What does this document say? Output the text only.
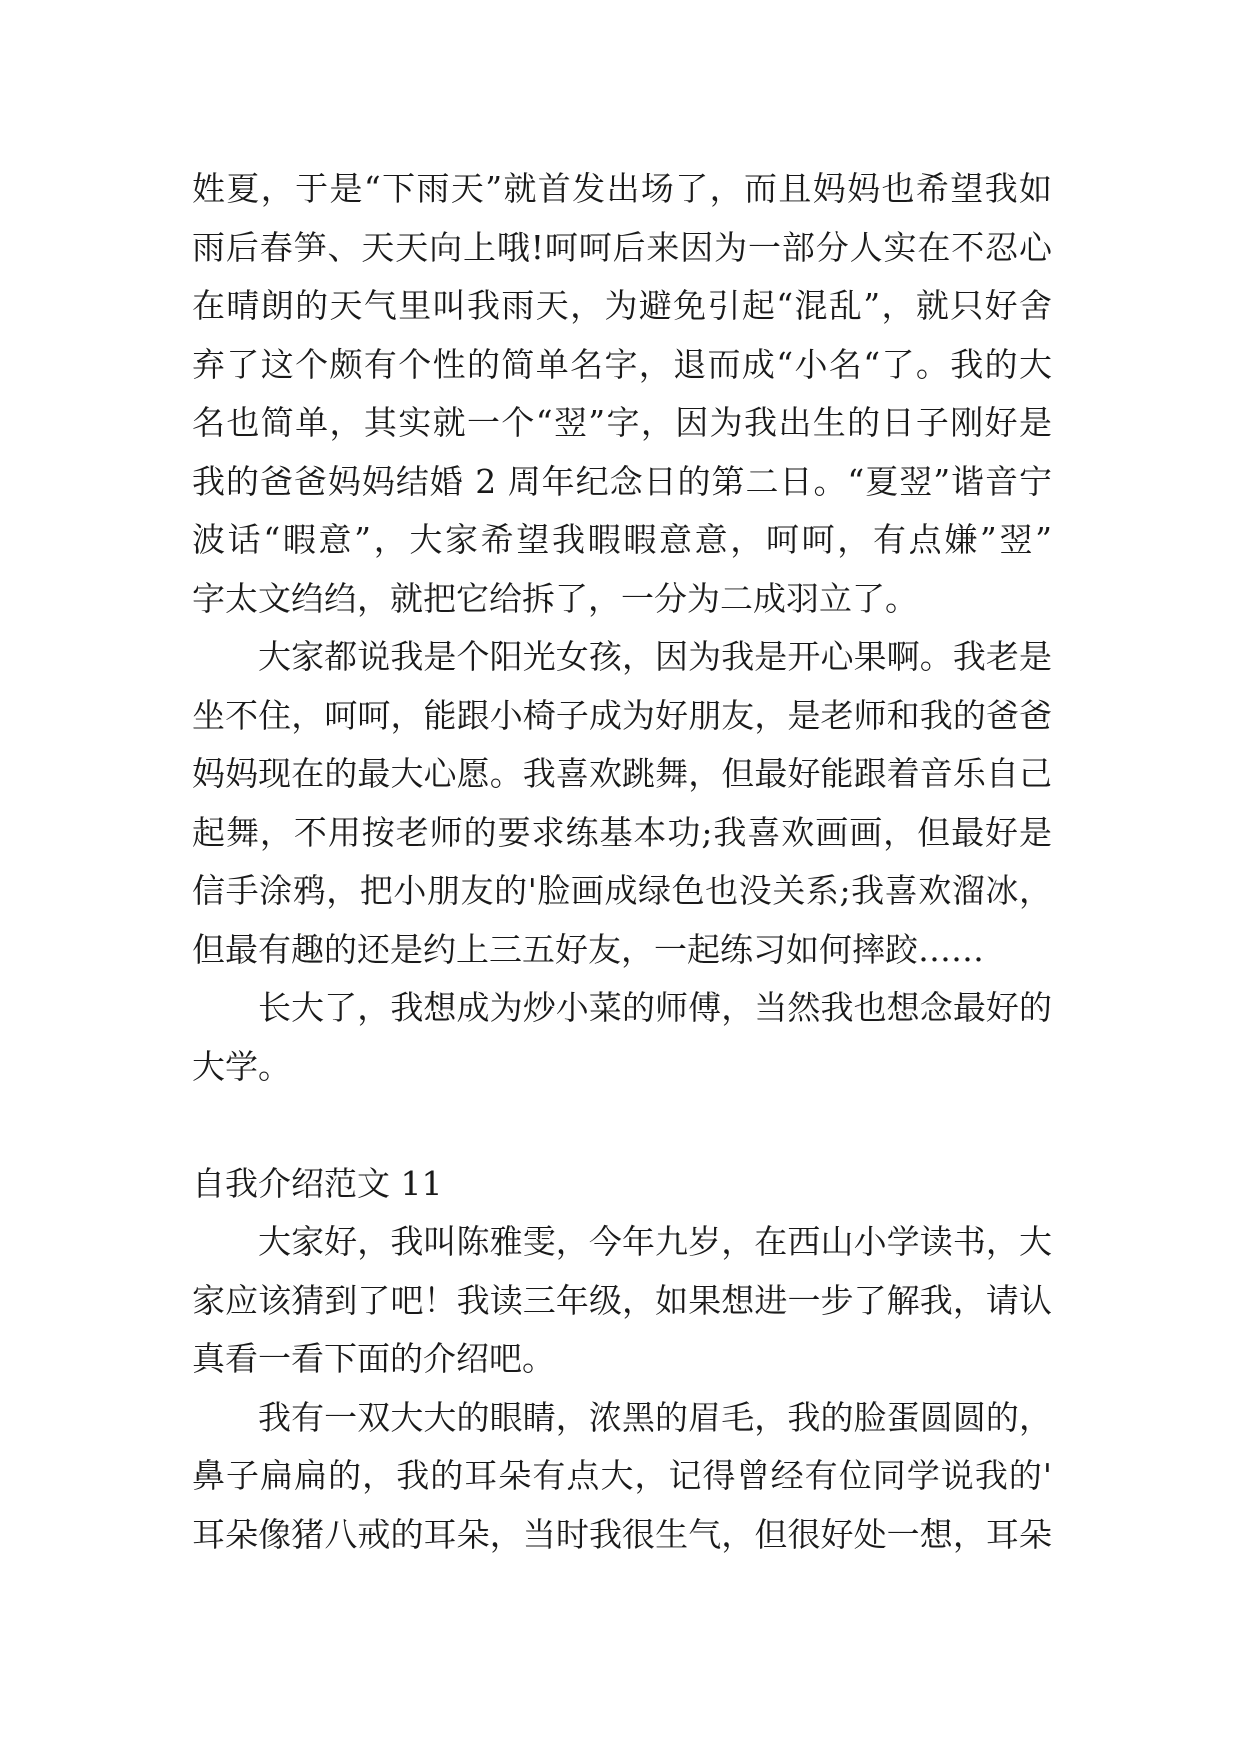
姓夏，于是“下雨天”就首发出场了，而且妈妈也希望我如
雨后春笋、天天向上哦!呵呵后来因为一部分人实在不忍心
在晴朗的天气里叫我雨天，为避免引起“混乱”，就只好舍
弃了这个颇有个性的简单名字，退而成“小名“了。我的大
名也简单，其实就一个“翌”字，因为我出生的日子刚好是
我的爸爸妈妈结婚 2 周年纪念日的第二日。“夏翌”谐音宁
波话“暇意”，大家希望我暇暇意意，呵呵，有点嫌”翌”
字太文绉绉，就把它给拆了，一分为二成羽立了。
大家都说我是个阳光女孩，因为我是开心果啊。我老是
坐不住，呵呵，能跟小椅子成为好朋友，是老师和我的爸爸
妈妈现在的最大心愿。我喜欢跳舞，但最好能跟着音乐自己
起舞，不用按老师的要求练基本功;我喜欢画画，但最好是
信手涂鸦，把小朋友的'脸画成绿色也没关系;我喜欢溜冰，
但最有趣的还是约上三五好友，一起练习如何摔跤……
长大了，我想成为炒小菜的师傅，当然我也想念最好的
大学。
自我介绍范文 11
大家好，我叫陈雅雯，今年九岁，在西山小学读书，大
家应该猜到了吧！我读三年级，如果想进一步了解我，请认
真看一看下面的介绍吧。
我有一双大大的眼睛，浓黑的眉毛，我的脸蛋圆圆的，
鼻子扁扁的，我的耳朵有点大，记得曾经有位同学说我的'
耳朵像猪八戒的耳朵，当时我很生气，但很好处一想，耳朵
